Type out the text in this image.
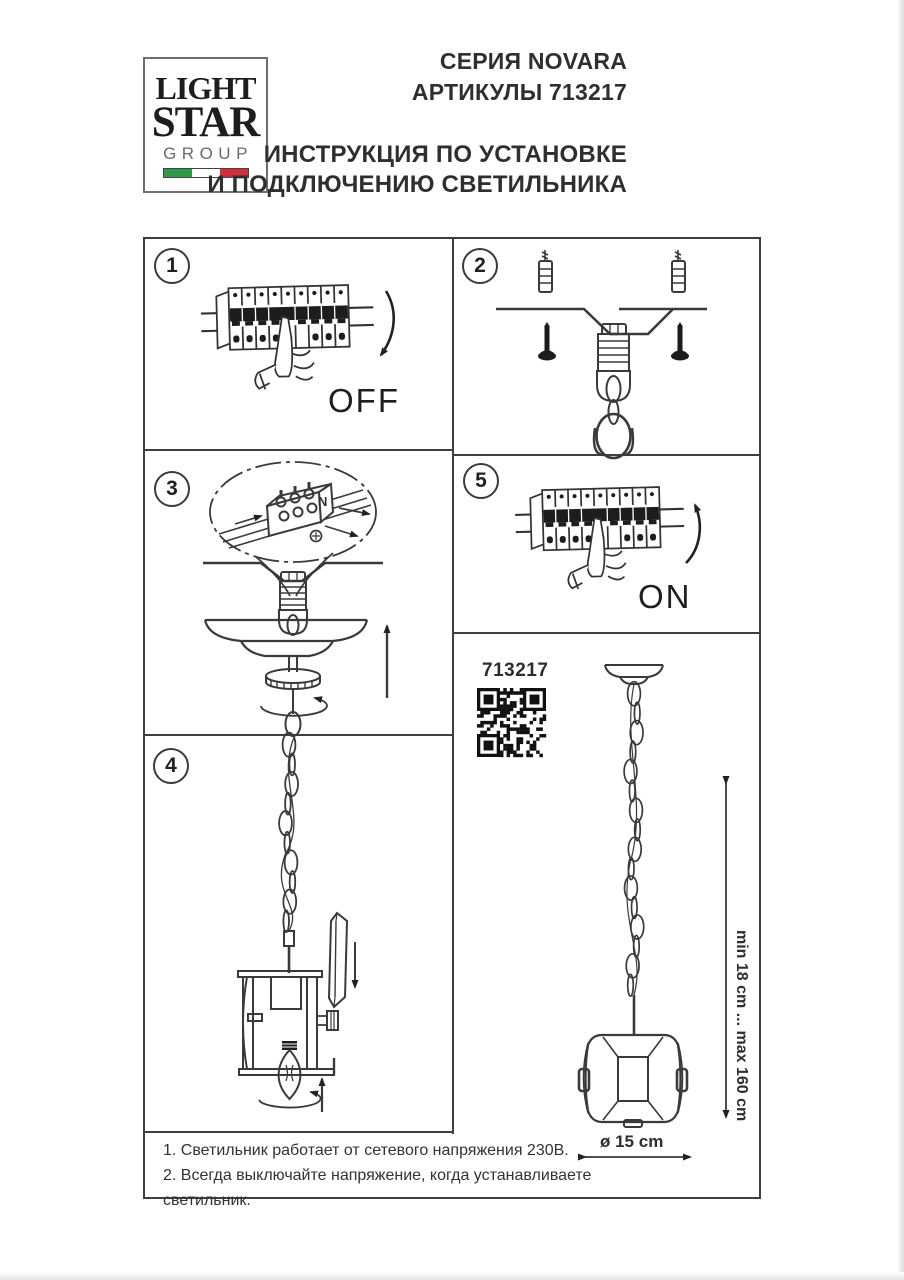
LIGHT
STAR
GROUP
СЕРИЯ NOVARA
АРТИКУЛЫ 713217
ИНСТРУКЦИЯ ПО УСТАНОВКЕ
И ПОДКЛЮЧЕНИЮ СВЕТИЛЬНИКА
1	2
3
4
5
OFF
N
ON
713217
min 18 cm ... max 160 cm
ø 15 cm
1. Светильник работает от сетевого напряжения 230В.
2. Всегда выключайте напряжение, когда устанавливаете светильник.
